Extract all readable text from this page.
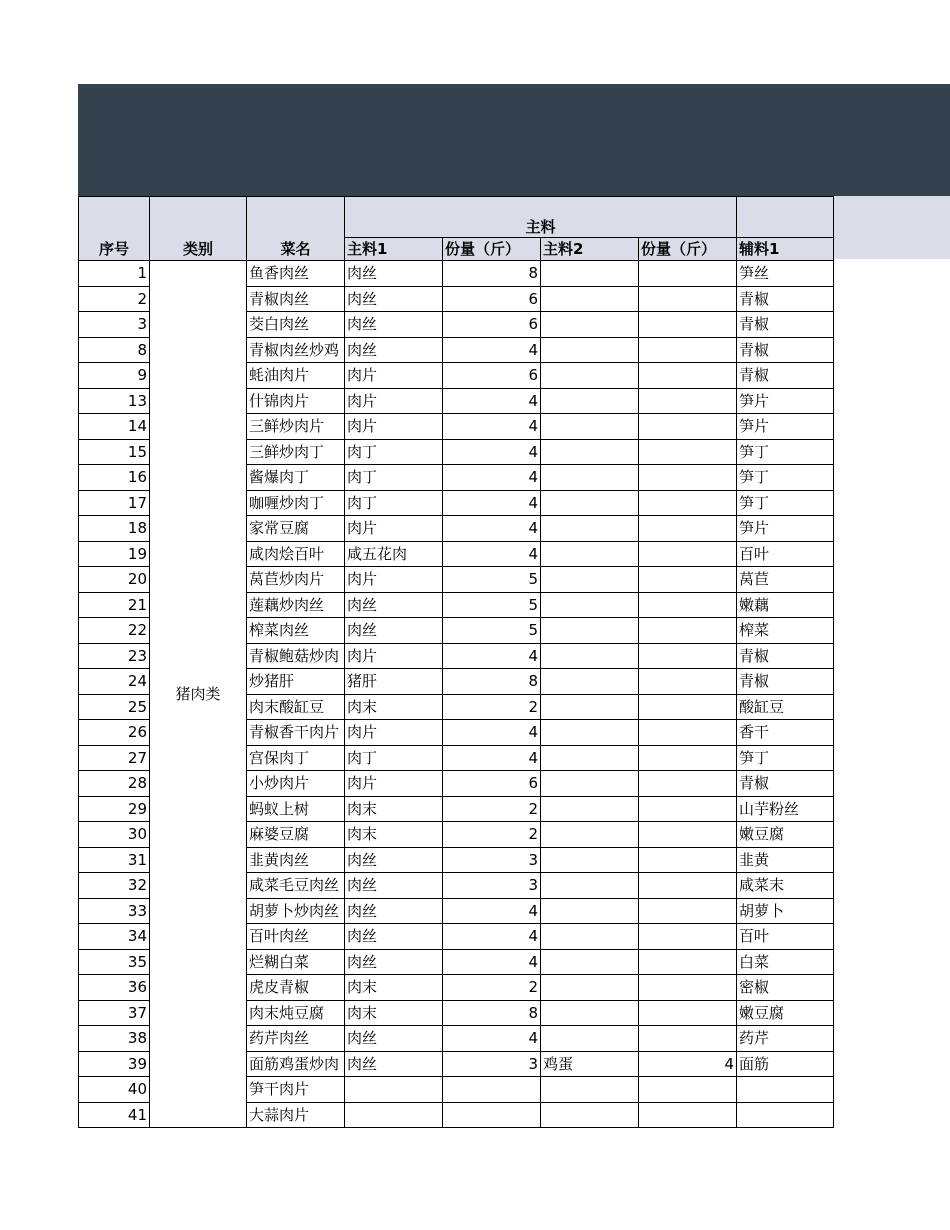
序号	类别	菜名	主料				
			主料1	份量（斤）	主料2	份量（斤）	辅料1
1	猪肉类	鱼香肉丝	肉丝	8			笋丝
2		青椒肉丝	肉丝	6			青椒
3		茭白肉丝	肉丝	6			青椒
8		青椒肉丝炒鸡	肉丝	4			青椒
9		蚝油肉片	肉片	6			青椒
13		什锦肉片	肉片	4			笋片
14		三鲜炒肉片	肉片	4			笋片
15		三鲜炒肉丁	肉丁	4			笋丁
16		酱爆肉丁	肉丁	4			笋丁
17		咖喱炒肉丁	肉丁	4			笋丁
18		家常豆腐	肉片	4			笋片
19		咸肉烩百叶	咸五花肉	4			百叶
20		莴苣炒肉片	肉片	5			莴苣
21		莲藕炒肉丝	肉丝	5			嫩藕
22		榨菜肉丝	肉丝	5			榨菜
23		青椒鲍菇炒肉	肉片	4			青椒
24		炒猪肝	猪肝	8			青椒
25		肉末酸缸豆	肉末	2			酸缸豆
26		青椒香干肉片	肉片	4			香干
27		宫保肉丁	肉丁	4			笋丁
28		小炒肉片	肉片	6			青椒
29		蚂蚁上树	肉末	2			山芋粉丝
30		麻婆豆腐	肉末	2			嫩豆腐
31		韭黄肉丝	肉丝	3			韭黄
32		咸菜毛豆肉丝	肉丝	3			咸菜末
33		胡萝卜炒肉丝	肉丝	4			胡萝卜
34		百叶肉丝	肉丝	4			百叶
35		烂糊白菜	肉丝	4			白菜
36		虎皮青椒	肉末	2			密椒
37		肉末炖豆腐	肉末	8			嫩豆腐
38		药芹肉丝	肉丝	4			药芹
39		面筋鸡蛋炒肉	肉丝	3	鸡蛋	4	面筋
40		笋干肉片					
41		大蒜肉片					
